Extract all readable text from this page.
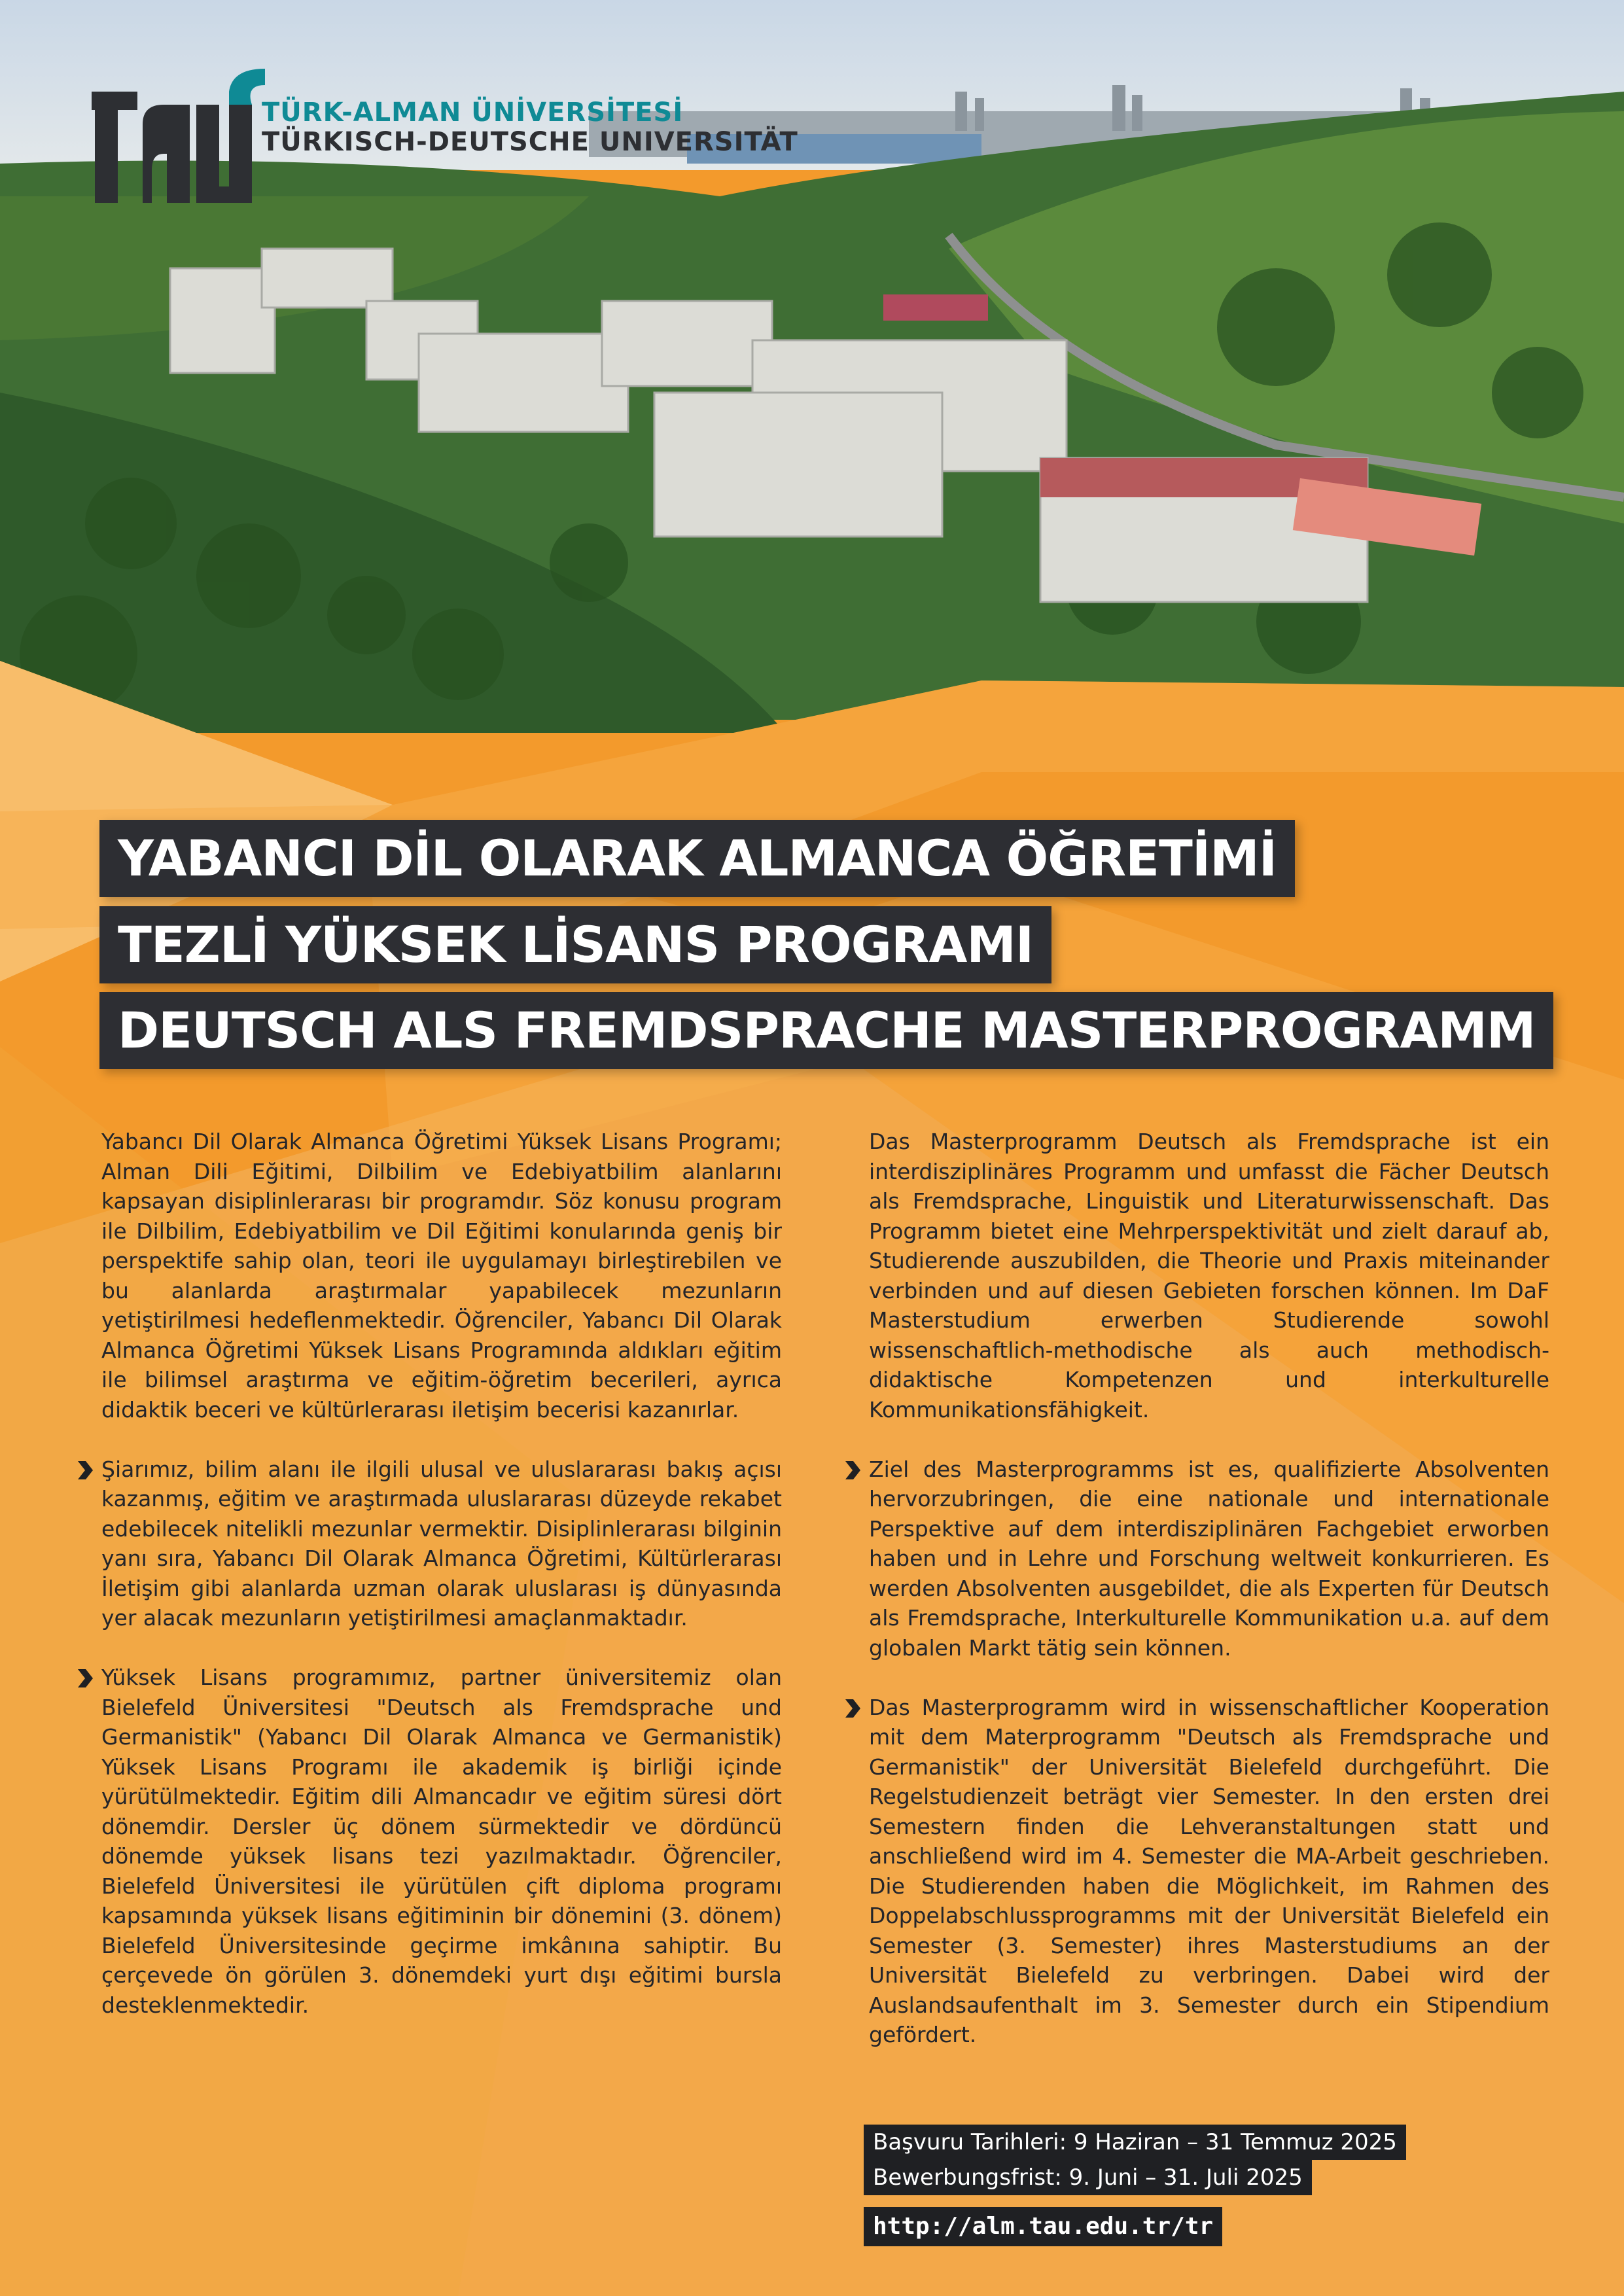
TÜRK-ALMAN ÜNİVERSİTESİ
TÜRKISCH-DEUTSCHE UNIVERSITÄT
YABANCI DİL OLARAK ALMANCA ÖĞRETİMİ
TEZLİ YÜKSEK LİSANS PROGRAMI
DEUTSCH ALS FREMDSPRACHE MASTERPROGRAMM

Yabancı Dil Olarak Almanca Öğretimi Yüksek Lisans Programı; Alman Dili Eğitimi, Dilbilim ve Edebiyatbilim alanlarını kapsayan disiplinlerarası bir programdır. Söz konusu program ile Dilbilim, Edebiyatbilim ve Dil Eğitimi konularında geniş bir perspektife sahip olan, teori ile uygulamayı birleştirebilen ve bu alanlarda araştırmalar yapabilecek mezunların yetiştirilmesi hedeflenmektedir. Öğrenciler, Yabancı Dil Olarak Almanca Öğretimi Yüksek Lisans Programında aldıkları eğitim ile bilimsel araştırma ve eğitim-öğretim becerileri, ayrıca didaktik beceri ve kültürlerarası iletişim becerisi kazanırlar.

Şiarımız, bilim alanı ile ilgili ulusal ve uluslararası bakış açısı kazanmış, eğitim ve araştırmada uluslararası düzeyde rekabet edebilecek nitelikli mezunlar vermektir. Disiplinlerarası bilginin yanı sıra, Yabancı Dil Olarak Almanca Öğretimi, Kültürlerarası İletişim gibi alanlarda uzman olarak uluslarası iş dünyasında yer alacak mezunların yetiştirilmesi amaçlanmaktadır.

Yüksek Lisans programımız, partner üniversitemiz olan Bielefeld Üniversitesi "Deutsch als Fremdsprache und Germanistik" (Yabancı Dil Olarak Almanca ve Germanistik) Yüksek Lisans Programı ile akademik iş birliği içinde yürütülmektedir. Eğitim dili Almancadır ve eğitim süresi dört dönemdir. Dersler üç dönem sürmektedir ve dördüncü dönemde yüksek lisans tezi yazılmaktadır. Öğrenciler, Bielefeld Üniversitesi ile yürütülen çift diploma programı kapsamında yüksek lisans eğitiminin bir dönemini (3. dönem) Bielefeld Üniversitesinde geçirme imkânına sahiptir. Bu çerçevede ön görülen 3. dönemdeki yurt dışı eğitimi bursla desteklenmektedir.

Das Masterprogramm Deutsch als Fremdsprache ist ein interdisziplinäres Programm und umfasst die Fächer Deutsch als Fremdsprache, Linguistik und Literaturwissenschaft. Das Programm bietet eine Mehrperspektivität und zielt darauf ab, Studierende auszubilden, die Theorie und Praxis miteinander verbinden und auf diesen Gebieten forschen können. Im DaF Masterstudium erwerben Studierende sowohl wissenschaftlich-methodische als auch methodisch-didaktische Kompetenzen und interkulturelle Kommunikationsfähigkeit.

Ziel des Masterprogramms ist es, qualifizierte Absolventen hervorzubringen, die eine nationale und internationale Perspektive auf dem interdisziplinären Fachgebiet erworben haben und in Lehre und Forschung weltweit konkurrieren. Es werden Absolventen ausgebildet, die als Experten für Deutsch als Fremdsprache, Interkulturelle Kommunikation u.a. auf dem globalen Markt tätig sein können.

Das Masterprogramm wird in wissenschaftlicher Kooperation mit dem Materprogramm "Deutsch als Fremdsprache und Germanistik" der Universität Bielefeld durchgeführt. Die Regelstudienzeit beträgt vier Semester. In den ersten drei Semestern finden die Lehveranstaltungen statt und anschließend wird im 4. Semester die MA-Arbeit geschrieben. Die Studierenden haben die Möglichkeit, im Rahmen des Doppelabschlussprogramms mit der Universität Bielefeld ein Semester (3. Semester) ihres Masterstudiums an der Universität Bielefeld zu verbringen. Dabei wird der Auslandsaufenthalt im 3. Semester durch ein Stipendium gefördert.

Başvuru Tarihleri: 9 Haziran – 31 Temmuz 2025
Bewerbungsfrist: 9. Juni – 31. Juli 2025
http://alm.tau.edu.tr/tr
